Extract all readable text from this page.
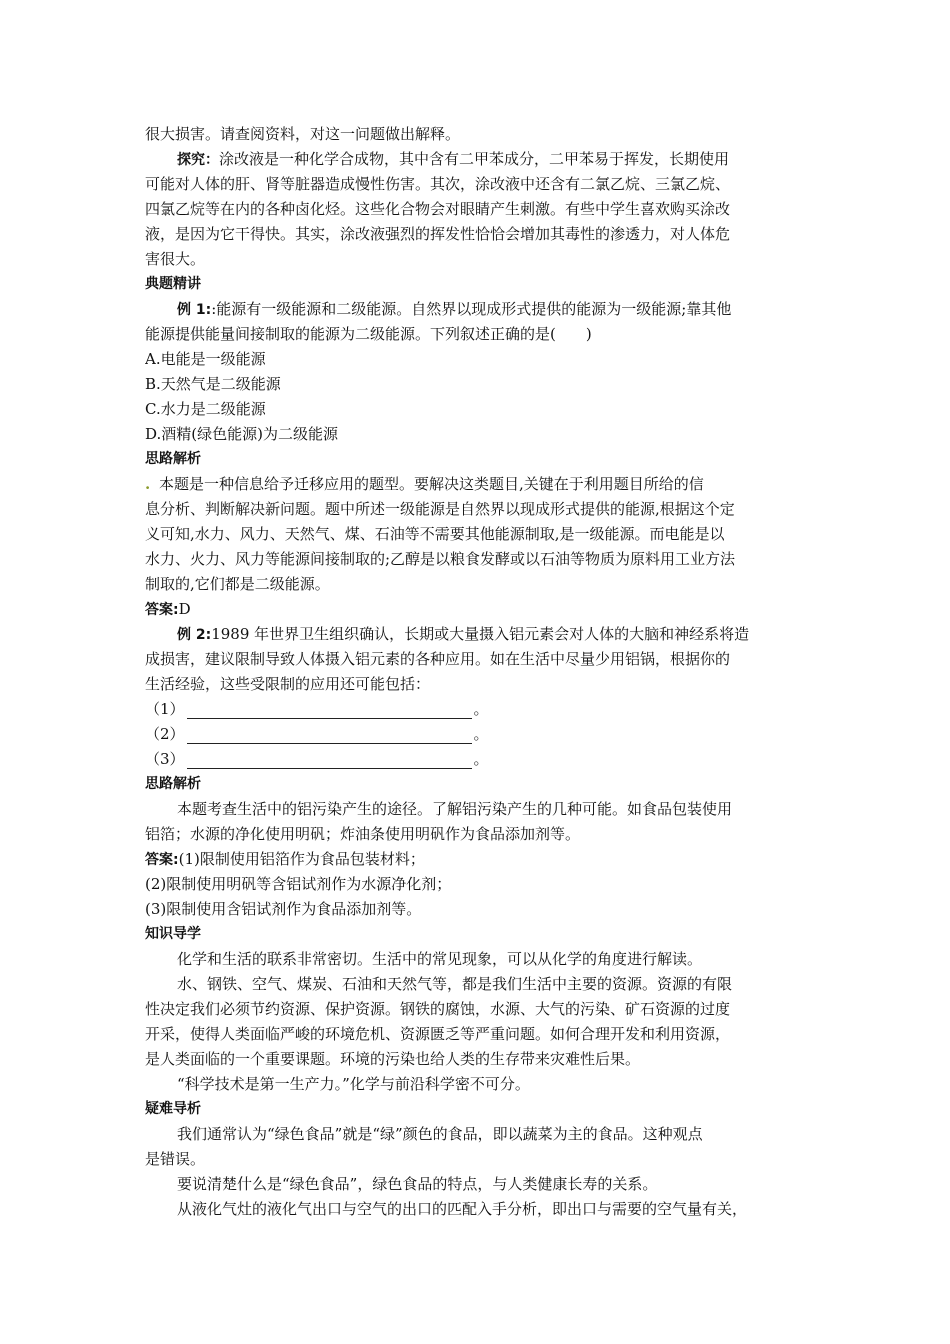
很大损害。请查阅资料，对这一问题做出解释。
探究：涂改液是一种化学合成物，其中含有二甲苯成分，二甲苯易于挥发，长期使用
可能对人体的肝、肾等脏器造成慢性伤害。其次，涂改液中还含有二氯乙烷、三氯乙烷、
四氯乙烷等在内的各种卤化烃。这些化合物会对眼睛产生刺激。有些中学生喜欢购买涂改
液，是因为它干得快。其实，涂改液强烈的挥发性恰恰会增加其毒性的渗透力，对人体危
害很大。
典题精讲
例 1::能源有一级能源和二级能源。自然界以现成形式提供的能源为一级能源;靠其他
能源提供能量间接制取的能源为二级能源。下列叙述正确的是(　　)
A.电能是一级能源
B.天然气是二级能源
C.水力是二级能源
D.酒精(绿色能源)为二级能源
思路解析
. 本题是一种信息给予迁移应用的题型。要解决这类题目,关键在于利用题目所给的信
息分析、判断解决新问题。题中所述一级能源是自然界以现成形式提供的能源,根据这个定
义可知,水力、风力、天然气、煤、石油等不需要其他能源制取,是一级能源。而电能是以
水力、火力、风力等能源间接制取的;乙醇是以粮食发酵或以石油等物质为原料用工业方法
制取的,它们都是二级能源。
答案:D
例 2:1989 年世界卫生组织确认，长期或大量摄入铝元素会对人体的大脑和神经系将造
成损害，建议限制导致人体摄入铝元素的各种应用。如在生活中尽量少用铝锅，根据你的
生活经验，这些受限制的应用还可能包括：
（1）	。
（2）	。
（3）	。
思路解析
本题考查生活中的铝污染产生的途径。了解铝污染产生的几种可能。如食品包装使用
铝箔；水源的净化使用明矾；炸油条使用明矾作为食品添加剂等。
答案:(1)限制使用铝箔作为食品包装材料；
(2)限制使用明矾等含铝试剂作为水源净化剂；
(3)限制使用含铝试剂作为食品添加剂等。
知识导学
化学和生活的联系非常密切。生活中的常见现象，可以从化学的角度进行解读。
水、钢铁、空气、煤炭、石油和天然气等，都是我们生活中主要的资源。资源的有限
性决定我们必须节约资源、保护资源。钢铁的腐蚀，水源、大气的污染、矿石资源的过度
开采，使得人类面临严峻的环境危机、资源匮乏等严重问题。如何合理开发和利用资源，
是人类面临的一个重要课题。环境的污染也给人类的生存带来灾难性后果。
“科学技术是第一生产力。”化学与前沿科学密不可分。
疑难导析
我们通常认为“绿色食品”就是“绿”颜色的食品，即以蔬菜为主的食品。这种观点
是错误。
要说清楚什么是“绿色食品”，绿色食品的特点，与人类健康长寿的关系。
从液化气灶的液化气出口与空气的出口的匹配入手分析，即出口与需要的空气量有关，
